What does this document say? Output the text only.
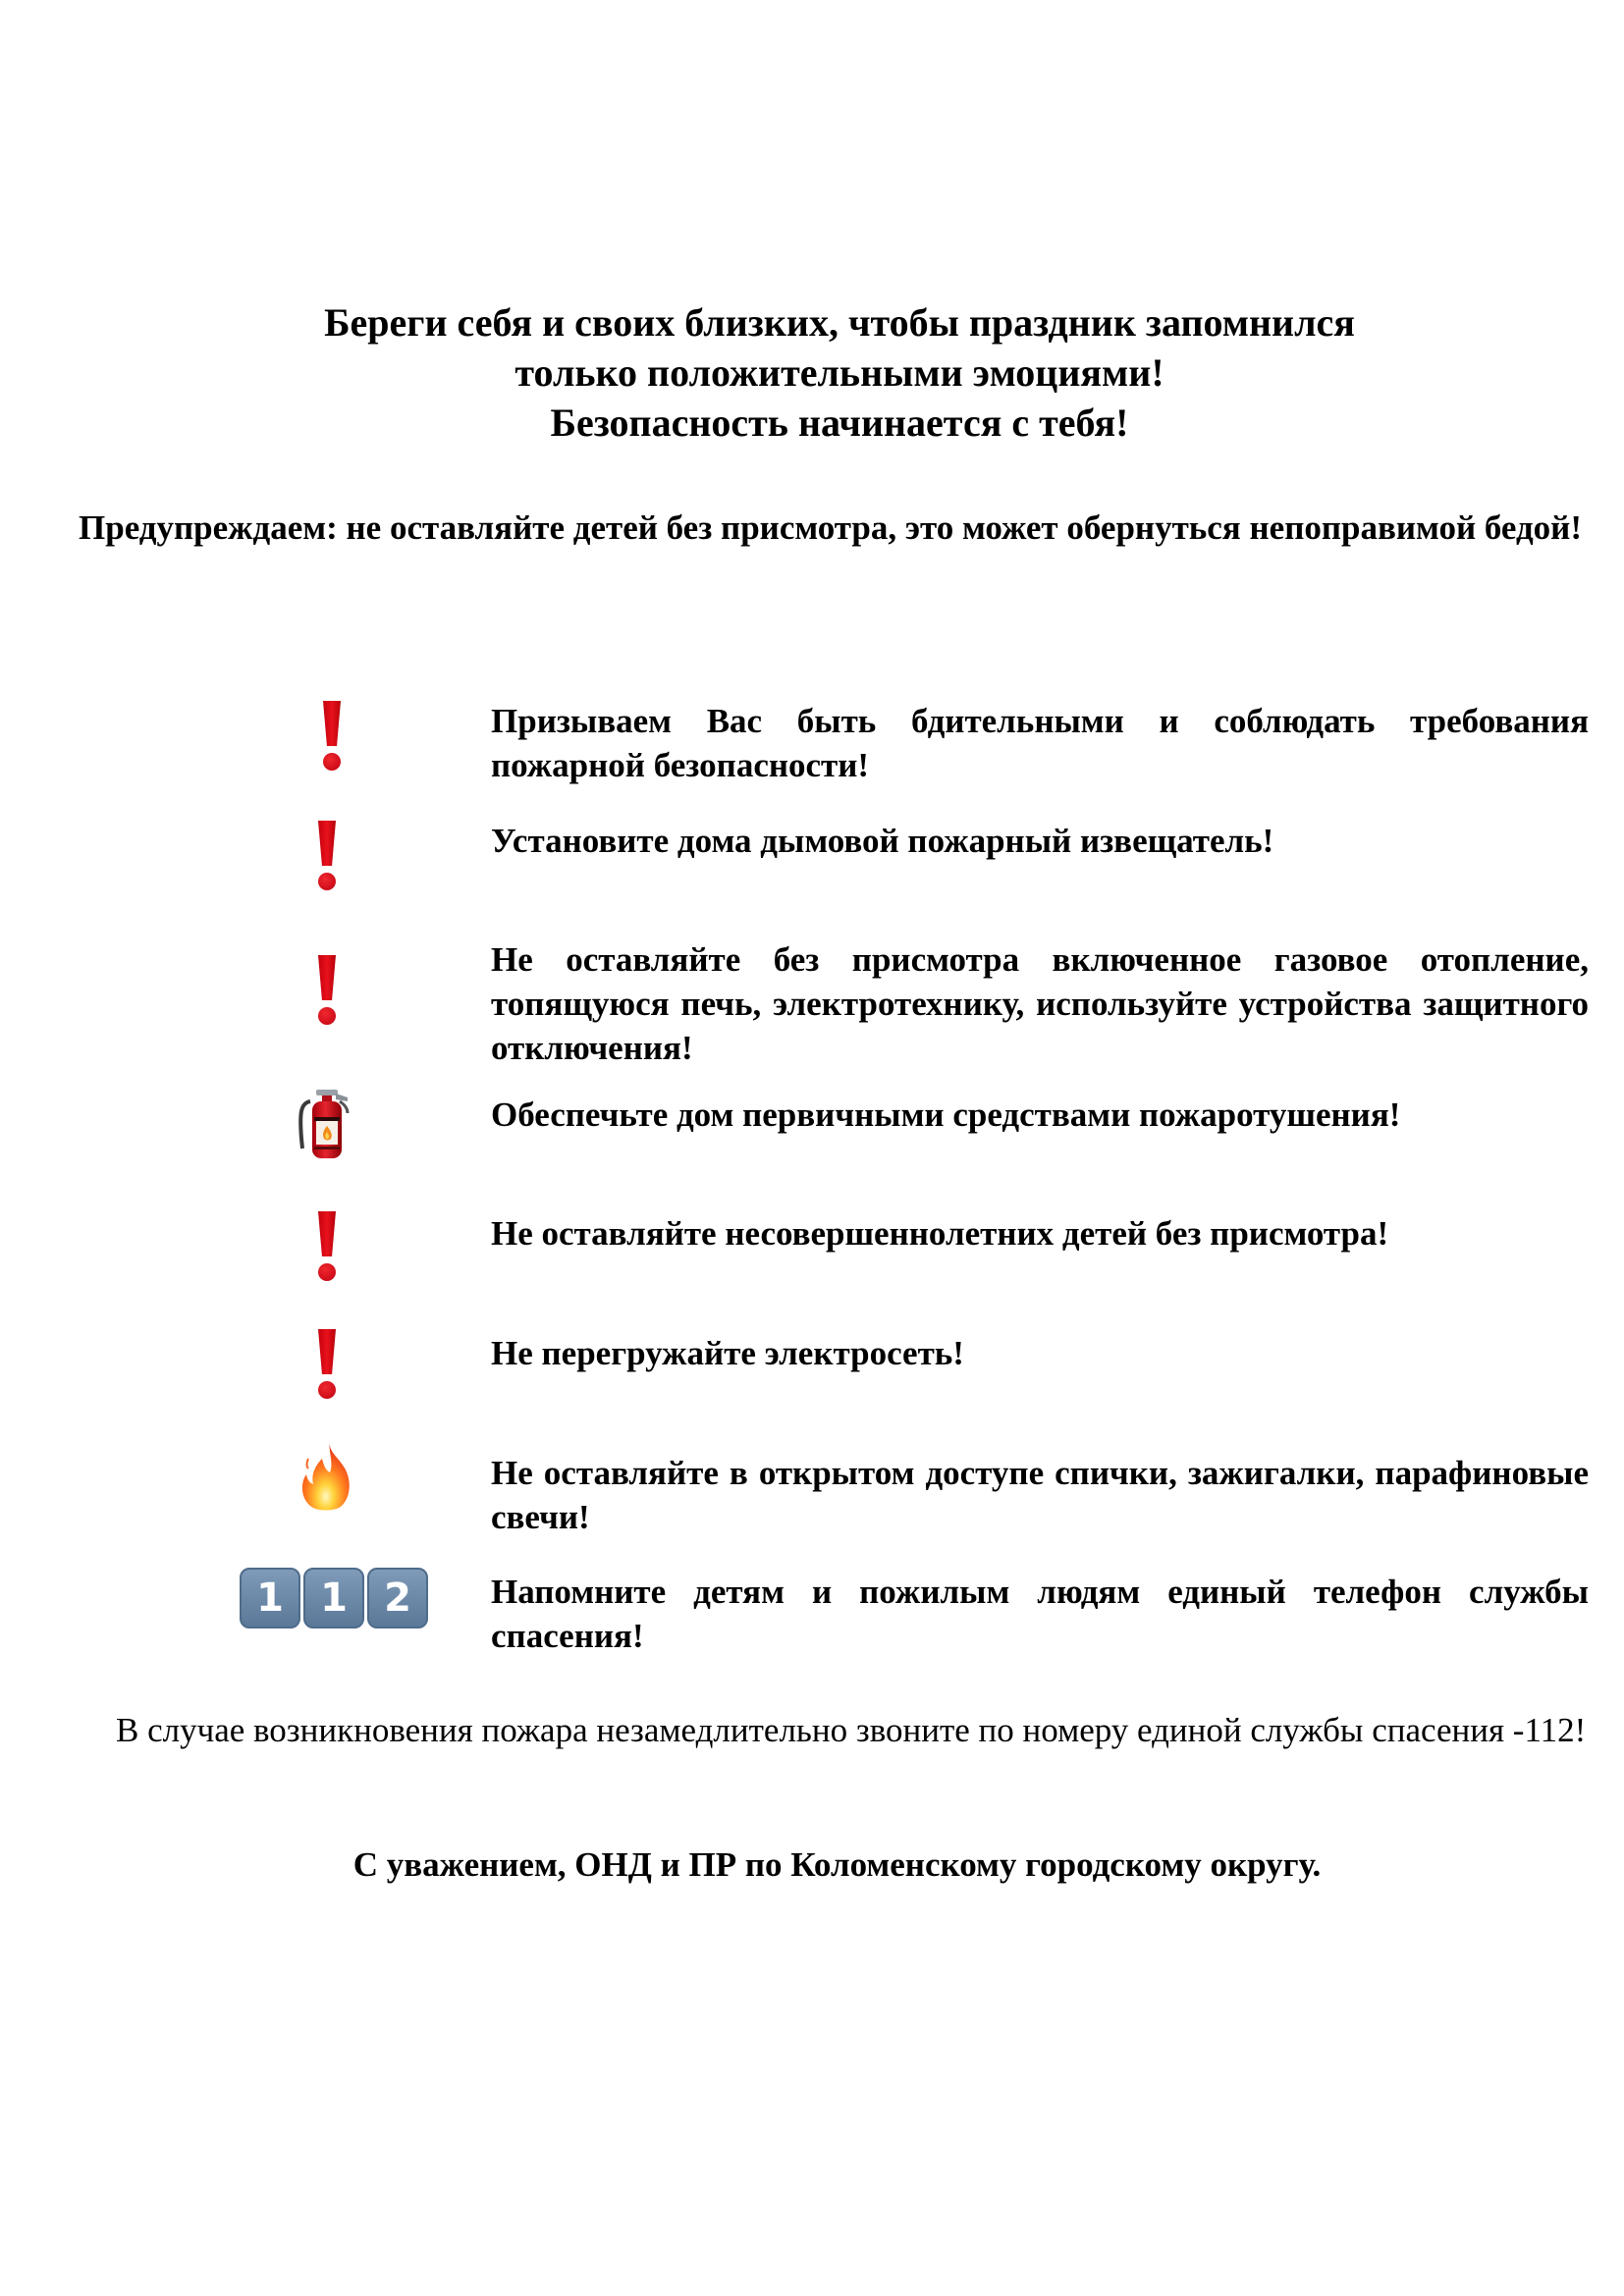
Береги себя и своих близких, чтобы праздник запомнился
только положительными эмоциями!
Безопасность начинается с тебя!
Предупреждаем: не оставляйте детей без присмотра, это может обернуться непоправимой бедой!
Призываем Вас быть бдительными и соблюдать требования пожарной безопасности!
Установите дома дымовой пожарный извещатель!
Не оставляйте без присмотра включенное газовое отопление, топящуюся печь, электротехнику, используйте устройства защитного отключения!
Обеспечьте дом первичными средствами пожаротушения!
Не оставляйте несовершеннолетних детей без присмотра!
Не перегружайте электросеть!
Не оставляйте в открытом доступе спички, зажигалки, парафиновые свечи!
1 1 2	Напомните детям и пожилым людям единый телефон службы спасения!
В случае возникновения пожара незамедлительно звоните по номеру единой службы спасения -112!
С уважением, ОНД и ПР по Коломенскому городскому округу.
